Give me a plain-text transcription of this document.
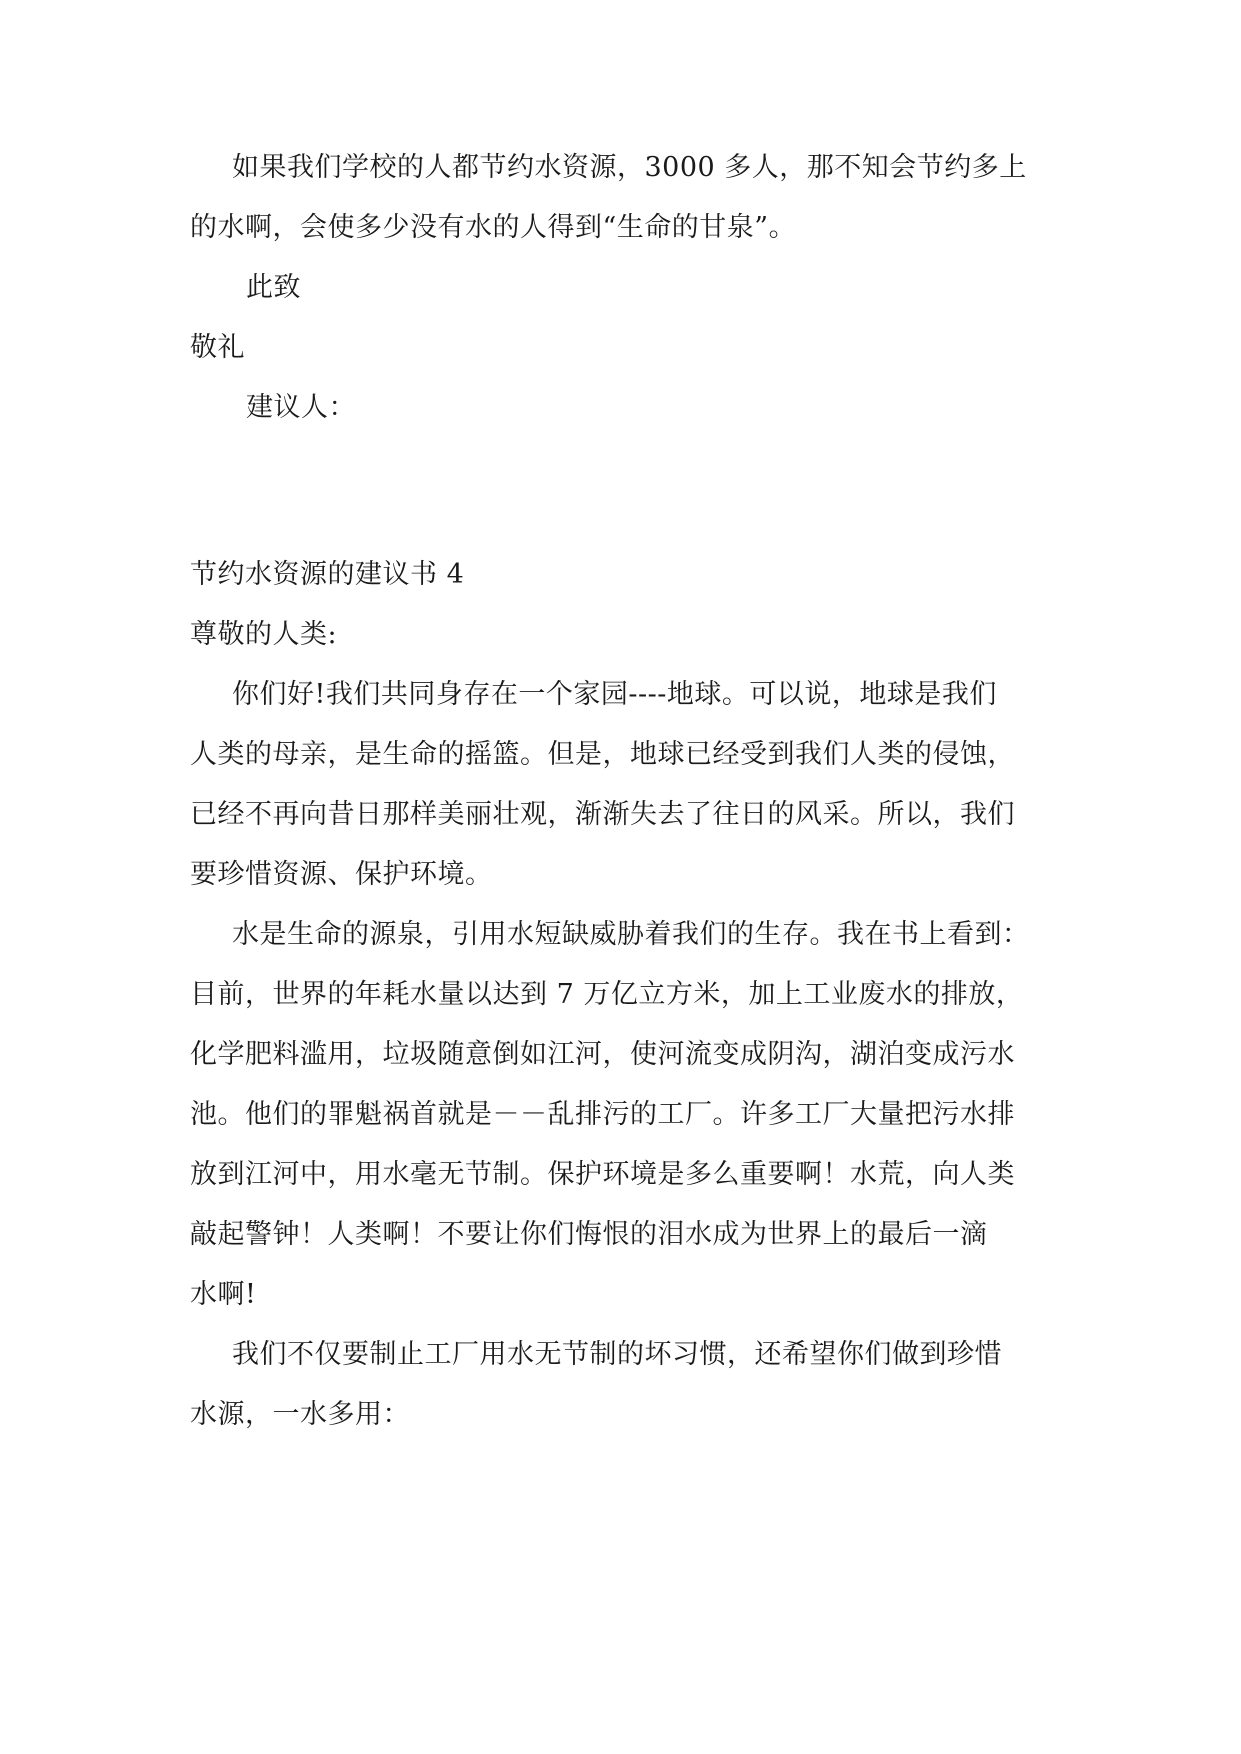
如果我们学校的人都节约水资源，3000 多人，那不知会节约多上
的水啊，会使多少没有水的人得到“生命的甘泉”。
此致
敬礼
建议人：
节约水资源的建议书 4
尊敬的人类:
你们好!我们共同身存在一个家园----地球。可以说，地球是我们
人类的母亲，是生命的摇篮。但是，地球已经受到我们人类的侵蚀，
已经不再向昔日那样美丽壮观，渐渐失去了往日的风采。所以，我们
要珍惜资源、保护环境。
水是生命的源泉，引用水短缺威胁着我们的生存。我在书上看到：
目前，世界的年耗水量以达到 7 万亿立方米，加上工业废水的排放，
化学肥料滥用，垃圾随意倒如江河，使河流变成阴沟，湖泊变成污水
池。他们的罪魁祸首就是－－乱排污的工厂。许多工厂大量把污水排
放到江河中，用水毫无节制。保护环境是多么重要啊！水荒，向人类
敲起警钟！人类啊！不要让你们悔恨的泪水成为世界上的最后一滴
水啊!
我们不仅要制止工厂用水无节制的坏习惯，还希望你们做到珍惜
水源，一水多用：
